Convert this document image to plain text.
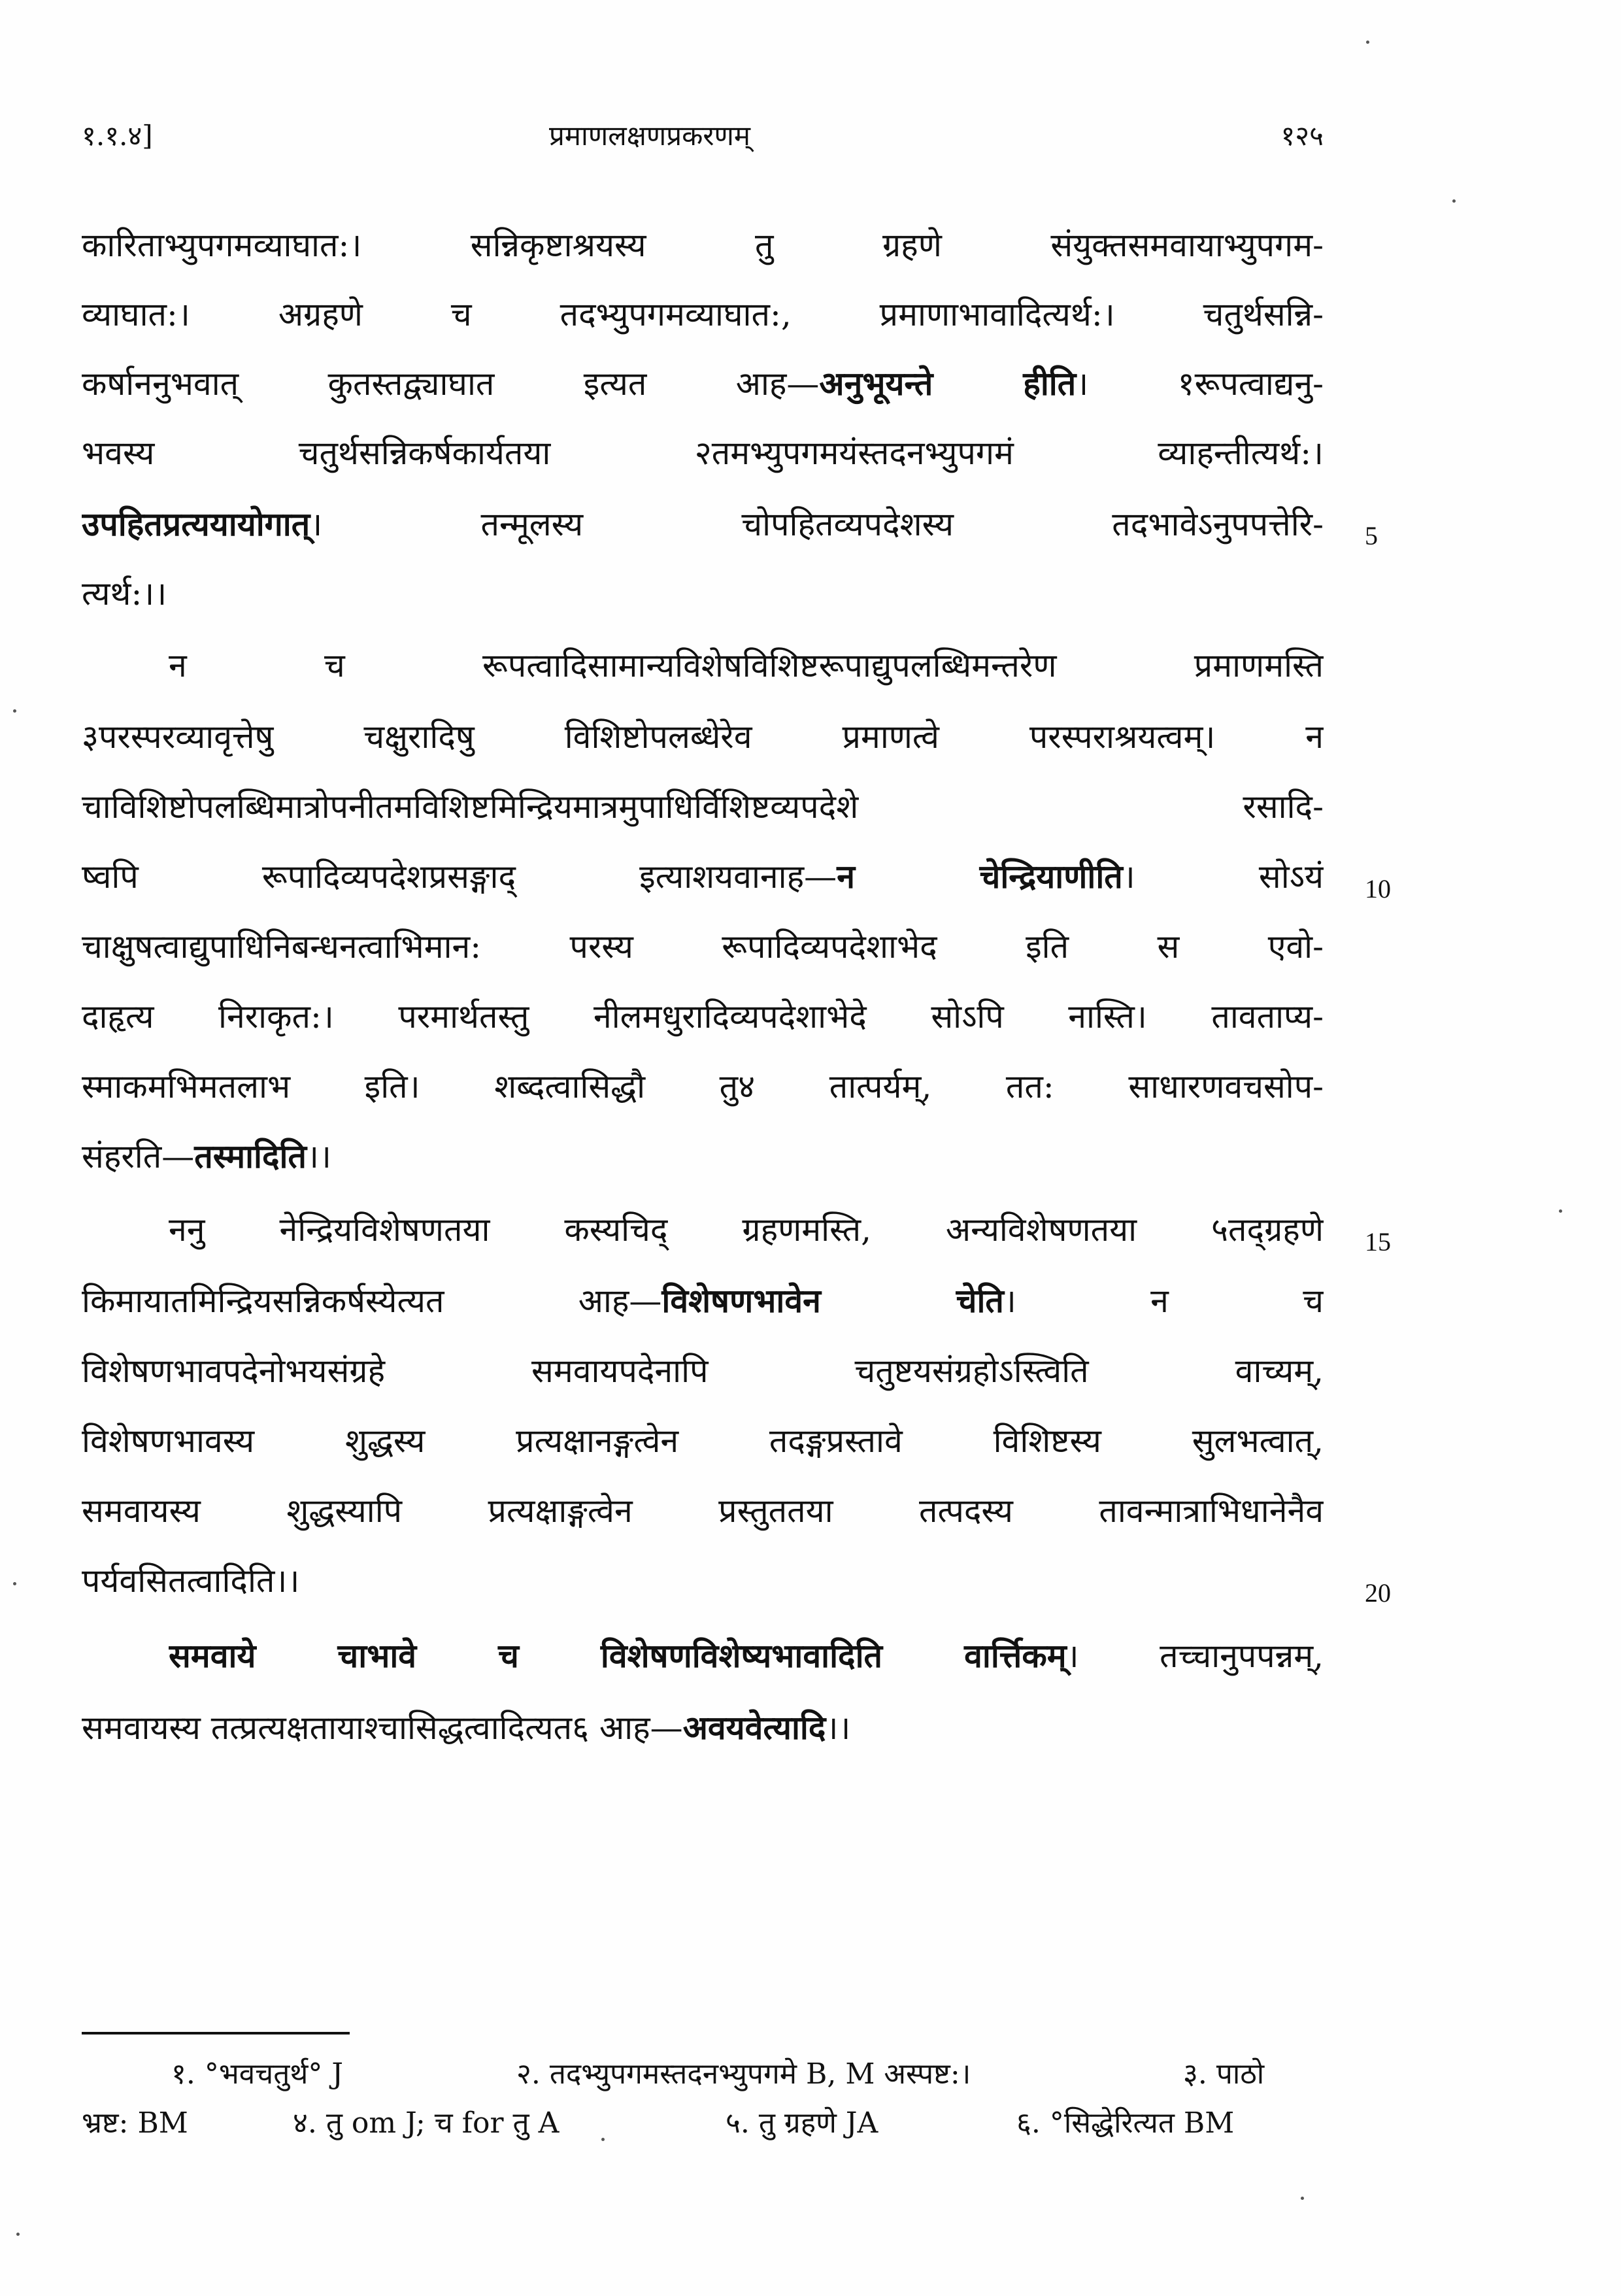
१.१.४]	प्रमाणलक्षणप्रकरणम्	१२५
कारिताभ्युपगमव्याघात:। सन्निकृष्टाश्रयस्य तु ग्रहणे संयुक्तसमवायाभ्युपगम-
व्याघात:। अग्रहणे च तदभ्युपगमव्याघात:, प्रमाणाभावादित्यर्थ:। चतुर्थसन्नि-
कर्षाननुभवात् कुतस्तद्व्याघात इत्यत आह—अनुभूयन्ते हीति। १रूपत्वाद्यनु-
भवस्य चतुर्थसन्निकर्षकार्यतया २तमभ्युपगमयंस्तदनभ्युपगमं व्याहन्तीत्यर्थ:।
उपहितप्रत्ययायोगात्। तन्मूलस्य चोपहितव्यपदेशस्य तदभावेऽनुपपत्तेरि-
त्यर्थ:।।
न च रूपत्वादिसामान्यविशेषविशिष्टरूपाद्युपलब्धिमन्तरेण प्रमाणमस्ति
३परस्परव्यावृत्तेषु चक्षुरादिषु विशिष्टोपलब्धेरेव प्रमाणत्वे परस्पराश्रयत्वम्। न
चाविशिष्टोपलब्धिमात्रोपनीतमविशिष्टमिन्द्रियमात्रमुपाधिर्विशिष्टव्यपदेशे रसादि-
ष्वपि रूपादिव्यपदेशप्रसङ्गाद् इत्याशयवानाह—न चेन्द्रियाणीति। सोऽयं
चाक्षुषत्वाद्युपाधिनिबन्धनत्वाभिमान: परस्य रूपादिव्यपदेशाभेद इति स एवो-
दाहृत्य निराकृत:। परमार्थतस्तु नीलमधुरादिव्यपदेशाभेदे सोऽपि नास्ति। तावताप्य-
स्माकमभिमतलाभ इति। शब्दत्वासिद्धौ तु४ तात्पर्यम्, तत: साधारणवचसोप-
संहरति—तस्मादिति।।
ननु नेन्द्रियविशेषणतया कस्यचिद् ग्रहणमस्ति, अन्यविशेषणतया ५तद्ग्रहणे
किमायातमिन्द्रियसन्निकर्षस्येत्यत आह—विशेषणभावेन चेति। न च
विशेषणभावपदेनोभयसंग्रहे समवायपदेनापि चतुष्टयसंग्रहोऽस्त्विति वाच्यम्,
विशेषणभावस्य शुद्धस्य प्रत्यक्षानङ्गत्वेन तदङ्गप्रस्तावे विशिष्टस्य सुलभत्वात्,
समवायस्य शुद्धस्यापि प्रत्यक्षाङ्गत्वेन प्रस्तुततया तत्पदस्य तावन्मात्राभिधानेनैव
पर्यवसितत्वादिति।।
समवाये चाभावे च विशेषणविशेष्यभावादिति वार्त्तिकम्। तच्चानुपपन्नम्,
समवायस्य तत्प्रत्यक्षतायाश्चासिद्धत्वादित्यत६ आह—अवयवेत्यादि।।
5
10
15
20
१. °भवचतुर्थ° J	२. तदभ्युपगमस्तदनभ्युपगमे B, M अस्पष्ट:।	३. पाठो
भ्रष्ट: BM	४. तु om J; च for तु A	५. तु ग्रहणे JA	६. °सिद्धेरित्यत BM
